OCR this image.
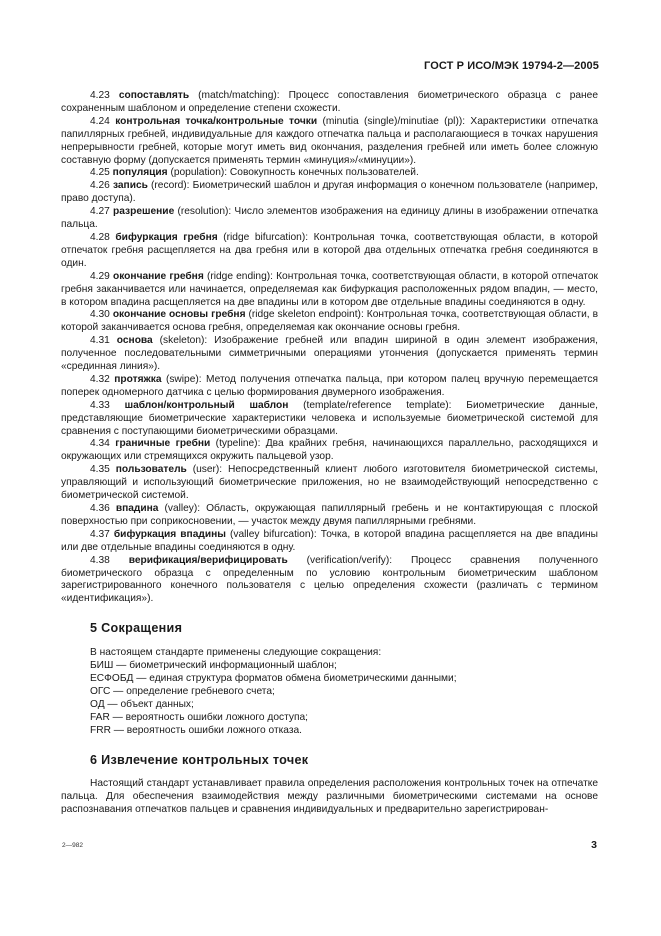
ГОСТ Р ИСО/МЭК 19794-2—2005

4.23 сопоставлять (match/matching): Процесс сопоставления биометрического образца с ранее сохраненным шаблоном и определение степени схожести.

4.24 контрольная точка/контрольные точки (minutia (single)/minutiae (pl)): Характеристики отпечатка папиллярных гребней, индивидуальные для каждого отпечатка пальца и располагающиеся в точках нарушения непрерывности гребней, которые могут иметь вид окончания, разделения гребней или иметь более сложную составную форму (допускается применять термин «минуция»/«минуции»).

4.25 популяция (population): Совокупность конечных пользователей.

4.26 запись (record): Биометрический шаблон и другая информация о конечном пользователе (например, право доступа).

4.27 разрешение (resolution): Число элементов изображения на единицу длины в изображении отпечатка пальца.

4.28 бифуркация гребня (ridge bifurcation): Контрольная точка, соответствующая области, в которой отпечаток гребня расщепляется на два гребня или в которой два отдельных отпечатка гребня соединяются в один.

4.29 окончание гребня (ridge ending): Контрольная точка, соответствующая области, в которой отпечаток гребня заканчивается или начинается, определяемая как бифуркация расположенных рядом впадин, — место, в котором впадина расщепляется на две впадины или в котором две отдельные впадины соединяются в одну.

4.30 окончание основы гребня (ridge skeleton endpoint): Контрольная точка, соответствующая области, в которой заканчивается основа гребня, определяемая как окончание основы гребня.

4.31 основа (skeleton): Изображение гребней или впадин шириной в один элемент изображения, полученное последовательными симметричными операциями утончения (допускается применять термин «срединная линия»).

4.32 протяжка (swipe): Метод получения отпечатка пальца, при котором палец вручную перемещается поперек одномерного датчика с целью формирования двумерного изображения.

4.33 шаблон/контрольный шаблон (template/reference template): Биометрические данные, представляющие биометрические характеристики человека и используемые биометрической системой для сравнения с поступающими биометрическими образцами.

4.34 граничные гребни (typeline): Два крайних гребня, начинающихся параллельно, расходящихся и окружающих или стремящихся окружить пальцевой узор.

4.35 пользователь (user): Непосредственный клиент любого изготовителя биометрической системы, управляющий и использующий биометрические приложения, но не взаимодействующий непосредственно с биометрической системой.

4.36 впадина (valley): Область, окружающая папиллярный гребень и не контактирующая с плоской поверхностью при соприкосновении, — участок между двумя папиллярными гребнями.

4.37 бифуркация впадины (valley bifurcation): Точка, в которой впадина расщепляется на две впадины или две отдельные впадины соединяются в одну.

4.38 верификация/верифицировать (verification/verify): Процесс сравнения полученного биометрического образца с определенным по условию контрольным биометрическим шаблоном зарегистрированного конечного пользователя с целью определения схожести (различать с термином «идентификация»).

5 Сокращения

В настоящем стандарте применены следующие сокращения:

БИШ — биометрический информационный шаблон;

ЕСФОБД — единая структура форматов обмена биометрическими данными;

ОГС — определение гребневого счета;

ОД — объект данных;

FAR — вероятность ошибки ложного доступа;

FRR — вероятность ошибки ложного отказа.

6 Извлечение контрольных точек

Настоящий стандарт устанавливает правила определения расположения контрольных точек на отпечатке пальца. Для обеспечения взаимодействия между различными биометрическими системами на основе распознавания отпечатков пальцев и сравнения индивидуальных и предварительно зарегистрирован-

2—982	3
